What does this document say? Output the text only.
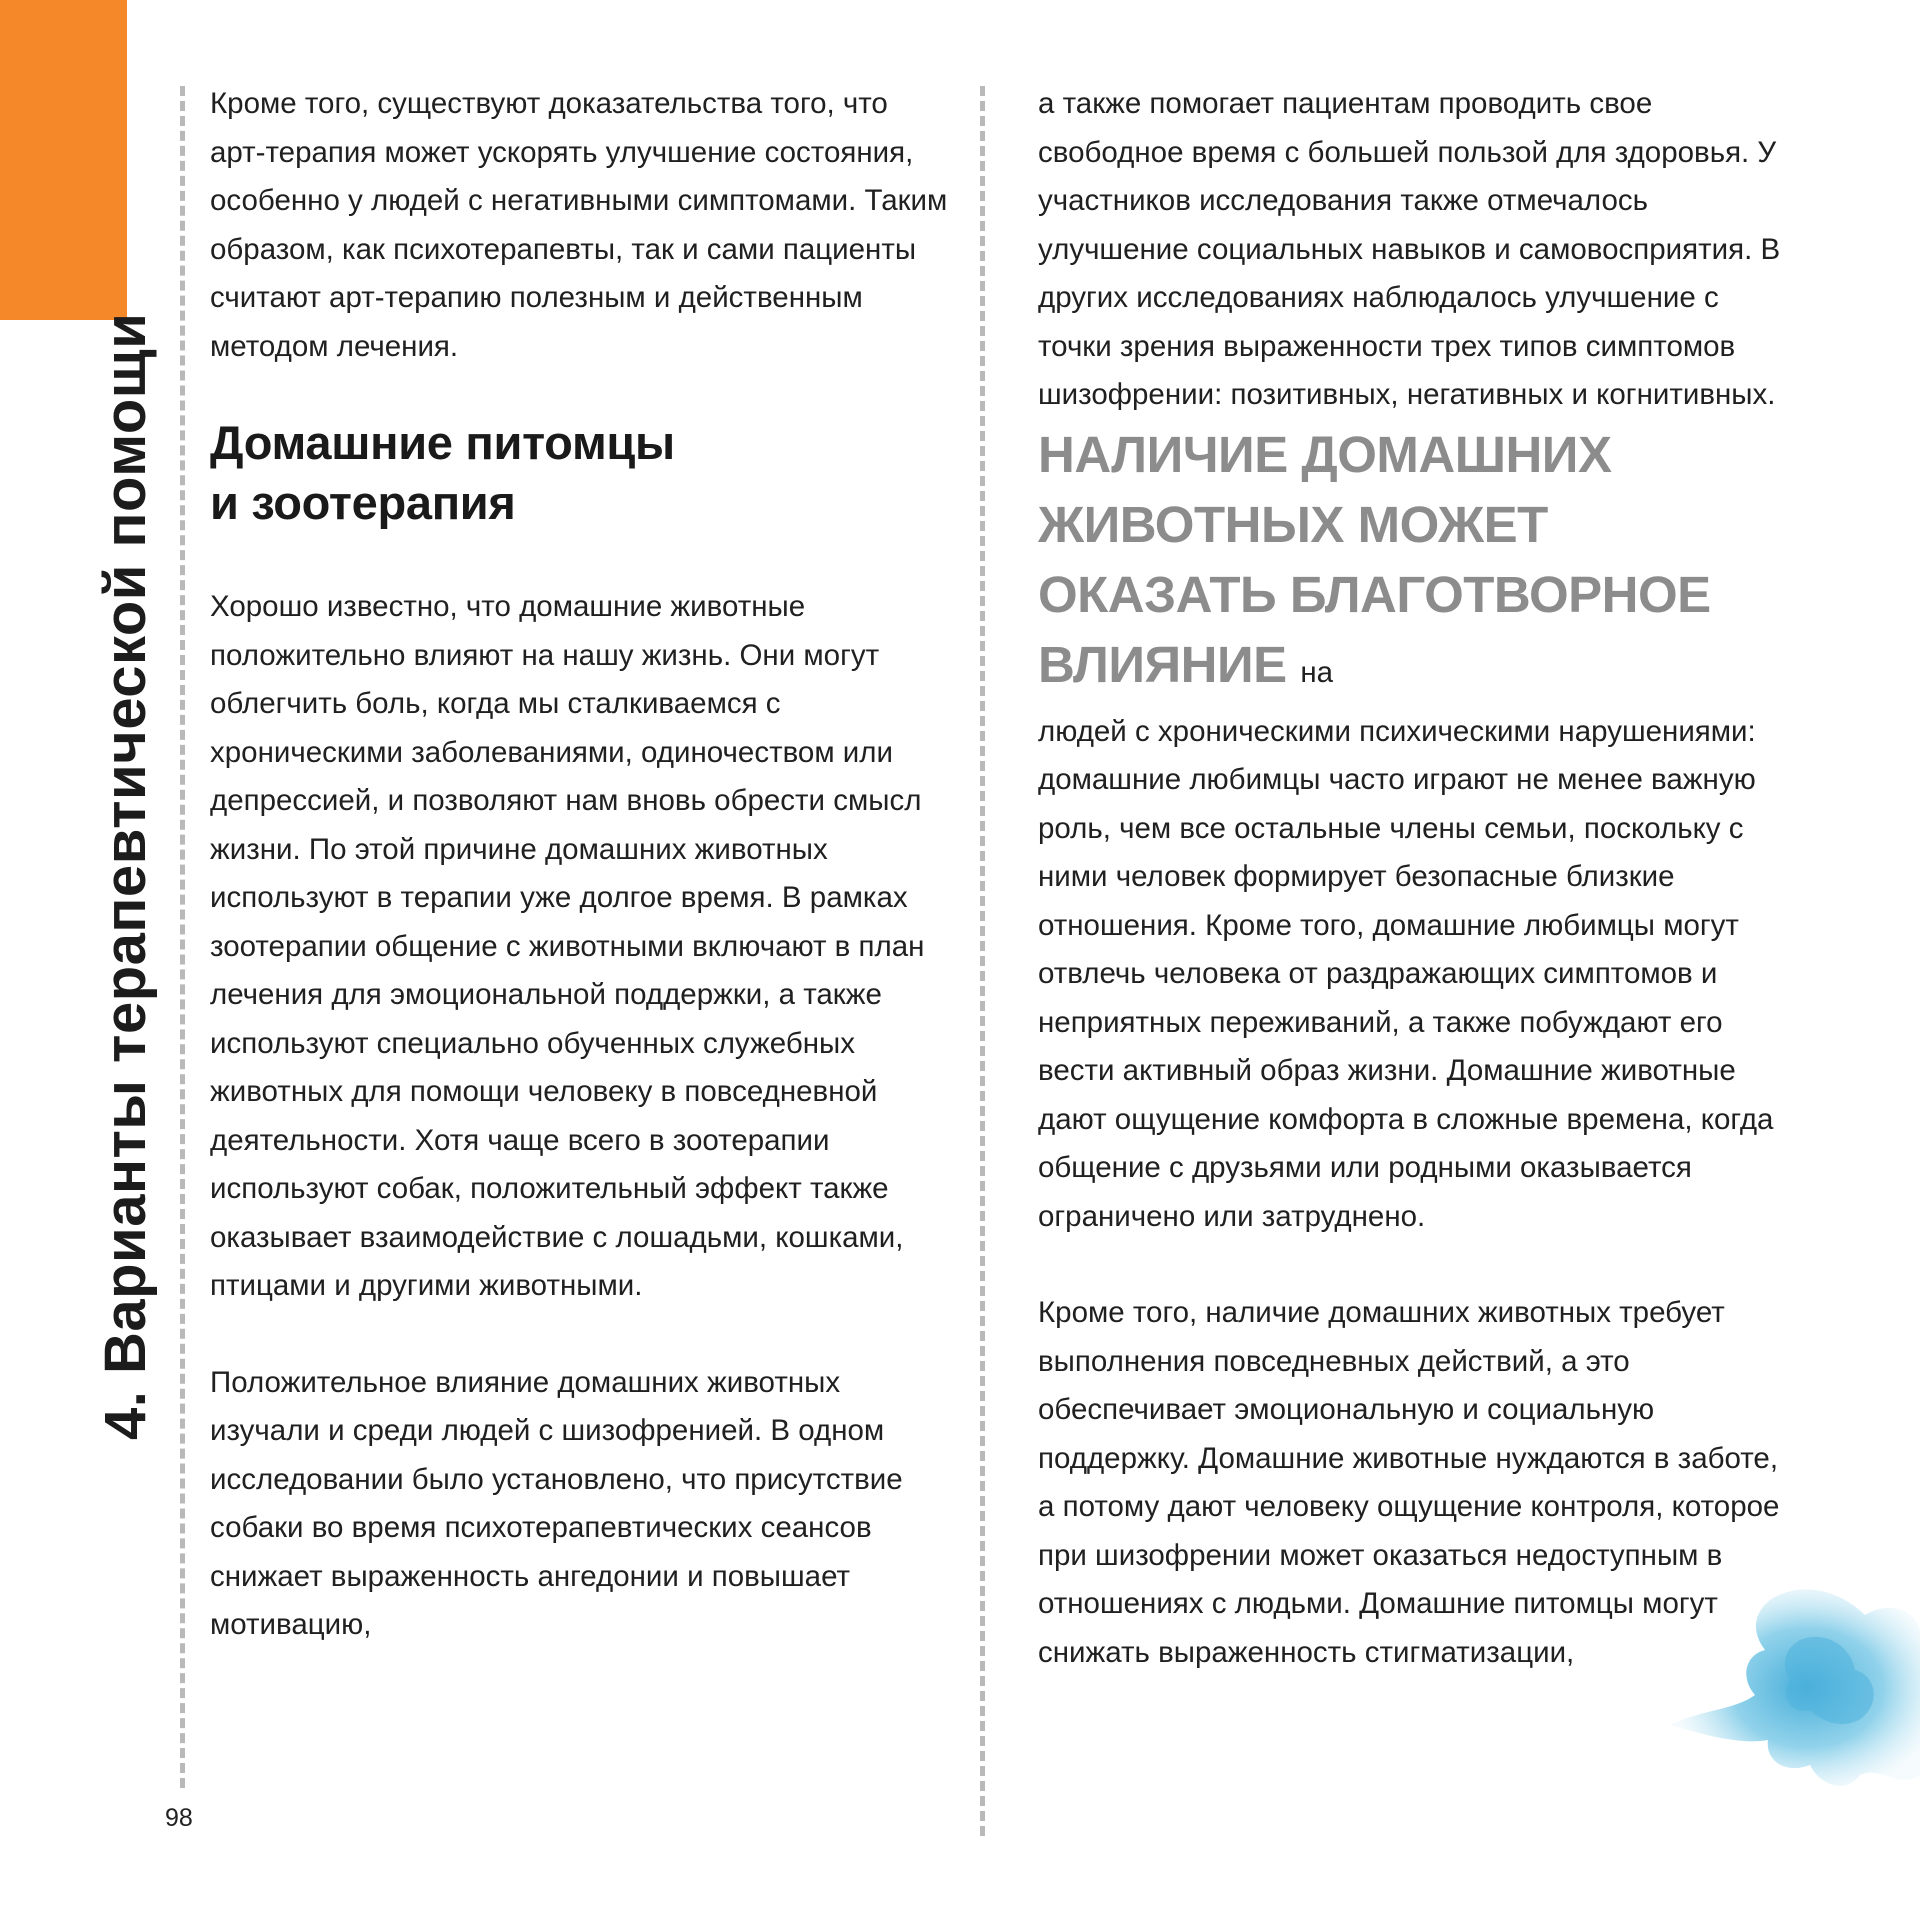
4. Варианты терапевтической помощи

Кроме того, существуют доказательства того, что арт-терапия может ускорять улучшение состояния, особенно у людей с негативными симптомами. Таким образом, как психотерапевты, так и сами пациенты считают арт-терапию полезным и действенным методом лечения.

Домашние питомцы
и зоотерапия

Хорошо известно, что домашние животные положительно влияют на нашу жизнь. Они могут облегчить боль, когда мы сталкиваемся с хроническими заболеваниями, одиночеством или депрессией, и позволяют нам вновь обрести смысл жизни. По этой причине домашних животных используют в терапии уже долгое время. В рамках зоотерапии общение с животными включают в план лечения для эмоциональной поддержки, а также используют специально обученных служебных животных для помощи человеку в повседневной деятельности. Хотя чаще всего в зоотерапии используют собак, положительный эффект также оказывает взаимодействие с лошадьми, кошками, птицами и другими животными.

Положительное влияние домашних животных изучали и среди людей с шизофренией. В одном исследовании было установлено, что присутствие собаки во время психотерапевтических сеансов снижает выраженность ангедонии и повышает мотивацию,

а также помогает пациентам проводить свое свободное время с большей пользой для здоровья. У участников исследования также отмечалось улучшение социальных навыков и самовосприятия. В других исследованиях наблюдалось улучшение с точки зрения выраженности трех типов симптомов шизофрении: позитивных, негативных и когнитивных.

НАЛИЧИЕ ДОМАШНИХ ЖИВОТНЫХ МОЖЕТ ОКАЗАТЬ БЛАГОТВОРНОЕ ВЛИЯНИЕ на

людей с хроническими психическими нарушениями: домашние любимцы часто играют не менее важную роль, чем все остальные члены семьи, поскольку с ними человек формирует безопасные близкие отношения. Кроме того, домашние любимцы могут отвлечь человека от раздражающих симптомов и неприятных переживаний, а также побуждают его вести активный образ жизни. Домашние животные дают ощущение комфорта в сложные времена, когда общение с друзьями или родными оказывается ограничено или затруднено.

Кроме того, наличие домашних животных требует выполнения повседневных действий, а это обеспечивает эмоциональную и социальную поддержку. Домашние животные нуждаются в заботе, а потому дают человеку ощущение контроля, которое при шизофрении может оказаться недоступным в отношениях с людьми. Домашние питомцы могут снижать выраженность стигматизации,

98
